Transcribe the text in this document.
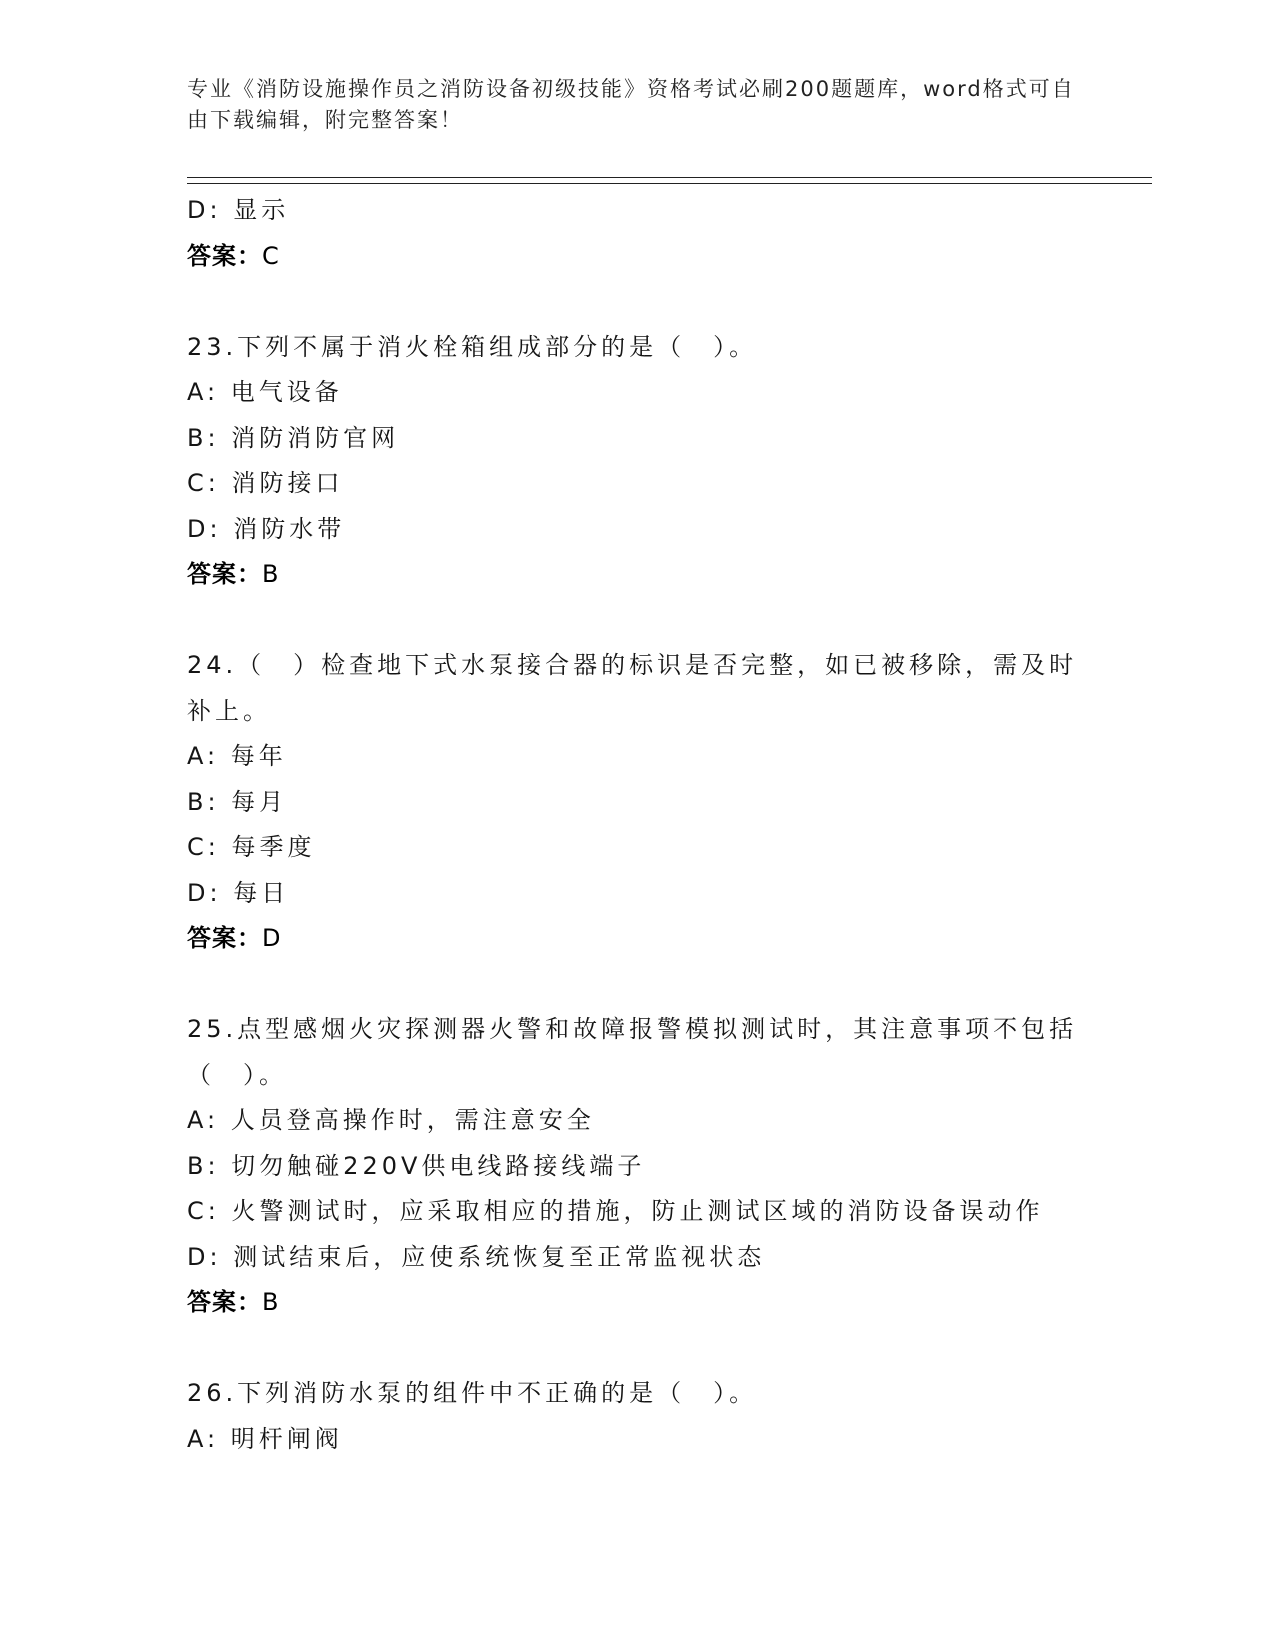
专业《消防设施操作员之消防设备初级技能》资格考试必刷200题题库，word格式可自由下载编辑，附完整答案！
D: 显示
答案：C
23.下列不属于消火栓箱组成部分的是（　）。
A: 电气设备
B: 消防消防官网
C: 消防接口
D: 消防水带
答案：B
24.（　）检查地下式水泵接合器的标识是否完整，如已被移除，需及时补上。
A: 每年
B: 每月
C: 每季度
D: 每日
答案：D
25.点型感烟火灾探测器火警和故障报警模拟测试时，其注意事项不包括（　）。
A: 人员登高操作时，需注意安全
B: 切勿触碰220V供电线路接线端子
C: 火警测试时，应采取相应的措施，防止测试区域的消防设备误动作
D: 测试结束后，应使系统恢复至正常监视状态
答案：B
26.下列消防水泵的组件中不正确的是（　）。
A: 明杆闸阀
